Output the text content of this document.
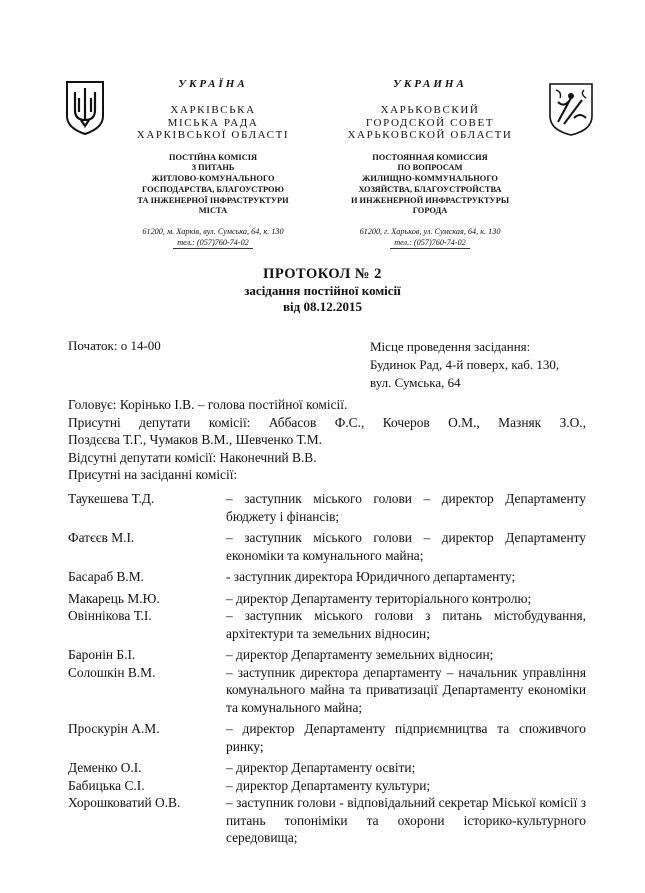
УКРАЇНА
ХАРКІВСЬКА
МІСЬКА РАДА
ХАРКІВСЬКОЇ ОБЛАСТІ
ПОСТІЙНА КОМІСІЯ
З ПИТАНЬ
ЖИТЛОВО-КОМУНАЛЬНОГО
ГОСПОДАРСТВА, БЛАГОУСТРОЮ
ТА ІНЖЕНЕРНОЇ ІНФРАСТРУКТУРИ
МІСТА
61200, м. Харків, вул. Сумська, 64, к. 130
тел.: (057)760-74-02
УКРАИНА
ХАРЬКОВСКИЙ
ГОРОДСКОЙ СОВЕТ
ХАРЬКОВСКОЙ ОБЛАСТИ
ПОСТОЯННАЯ КОМИССИЯ
ПО ВОПРОСАМ
ЖИЛИЩНО-КОММУНАЛЬНОГО
ХОЗЯЙСТВА, БЛАГОУСТРОЙСТВА
И ИНЖЕНЕРНОЙ ИНФРАСТРУКТУРЫ
ГОРОДА
61200, г. Харьков, ул. Сумская, 64, к. 130
тел.: (057)760-74-02
ПРОТОКОЛ № 2
засідання постійної комісії
від 08.12.2015
Початок: о 14-00	Місце проведення засідання:
Будинок Рад, 4-й поверх, каб. 130,
вул. Сумська, 64

Головує: Корінько І.В. – голова постійної комісії.

Присутні депутати комісії: Аббасов Ф.С., Кочеров О.М., Мазняк З.О.,

Поздєєва Т.Г., Чумаков В.М., Шевченко Т.М.

Відсутні депутати комісії: Наконечний В.В.

Присутні на засіданні комісії:

Таукешева Т.Д.	– заступник міського голови – директор Департаменту бюджету і фінансів;
Фатєєв М.І.	– заступник міського голови – директор Департаменту економіки та комунального майна;
Басараб В.М.	- заступник директора Юридичного департаменту;
Макарець М.Ю.	– директор Департаменту територіального контролю;
Овіннікова Т.І.	– заступник міського голови з питань містобудування, архітектури та земельних відносин;
Баронін Б.І.	– директор Департаменту земельних відносин;
Солошкін В.М.	– заступник директора департаменту – начальник управління комунального майна та приватизації Департаменту економіки та комунального майна;
Проскурін А.М.	– директор Департаменту підприємництва та споживчого ринку;
Деменко О.І.	– директор Департаменту освіти;
Бабицька С.І.	– директор Департаменту культури;
Хорошковатий О.В.	– заступник голови - відповідальний секретар Міської комісії з питань топоніміки та охорони історико-культурного середовища;
